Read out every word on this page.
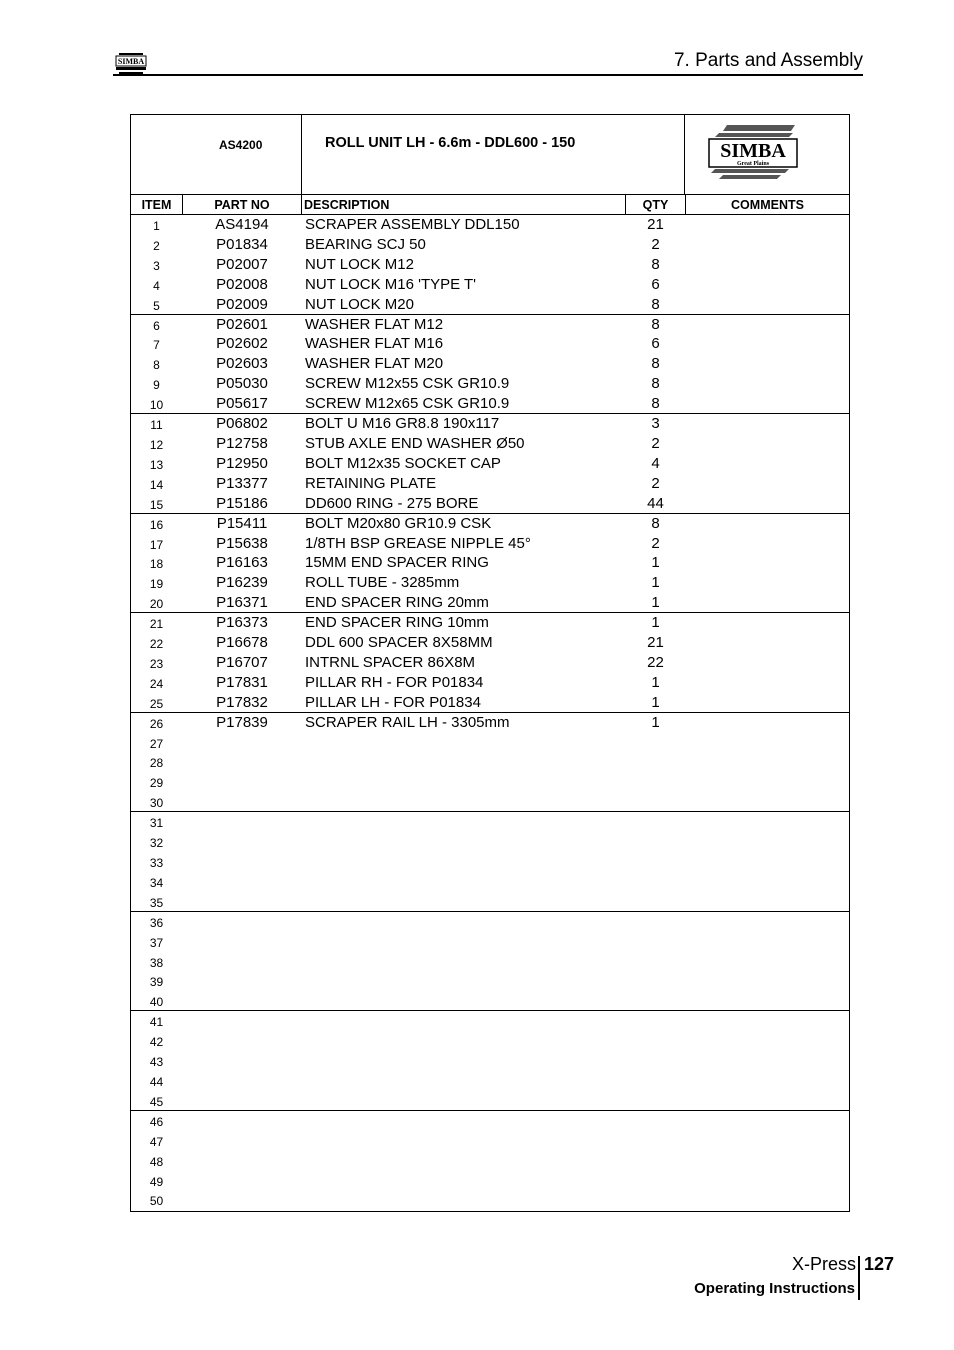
SIMBA	7. Parts and Assembly
AS4200	ROLL UNIT LH - 6.6m - DDL600 - 150	SIMBA
Great Plains
ITEM	PART NO	DESCRIPTION	QTY	COMMENTS
1	AS4194	SCRAPER ASSEMBLY DDL150	21
2	P01834	BEARING SCJ 50	2
3	P02007	NUT LOCK M12	8
4	P02008	NUT LOCK M16 'TYPE T'	6
5	P02009	NUT LOCK M20	8
6	P02601	WASHER FLAT M12	8
7	P02602	WASHER FLAT M16	6
8	P02603	WASHER FLAT M20	8
9	P05030	SCREW M12x55 CSK GR10.9	8
10	P05617	SCREW M12x65 CSK GR10.9	8
11	P06802	BOLT U M16 GR8.8 190x117	3
12	P12758	STUB AXLE END WASHER Ø50	2
13	P12950	BOLT M12x35 SOCKET CAP	4
14	P13377	RETAINING PLATE	2
15	P15186	DD600 RING - 275 BORE	44
16	P15411	BOLT M20x80 GR10.9 CSK	8
17	P15638	1/8TH BSP GREASE NIPPLE 45°	2
18	P16163	15MM END SPACER RING	1
19	P16239	ROLL TUBE - 3285mm	1
20	P16371	END SPACER RING 20mm	1
21	P16373	END SPACER RING 10mm	1
22	P16678	DDL 600 SPACER 8X58MM	21
23	P16707	INTRNL SPACER 86X8M	22
24	P17831	PILLAR RH - FOR P01834	1
25	P17832	PILLAR LH - FOR P01834	1
26	P17839	SCRAPER RAIL LH - 3305mm	1
27
28
29
30
31
32
33
34
35
36
37
38
39
40
41
42
43
44
45
46
47
48
49
50
X-Press 127
Operating Instructions
